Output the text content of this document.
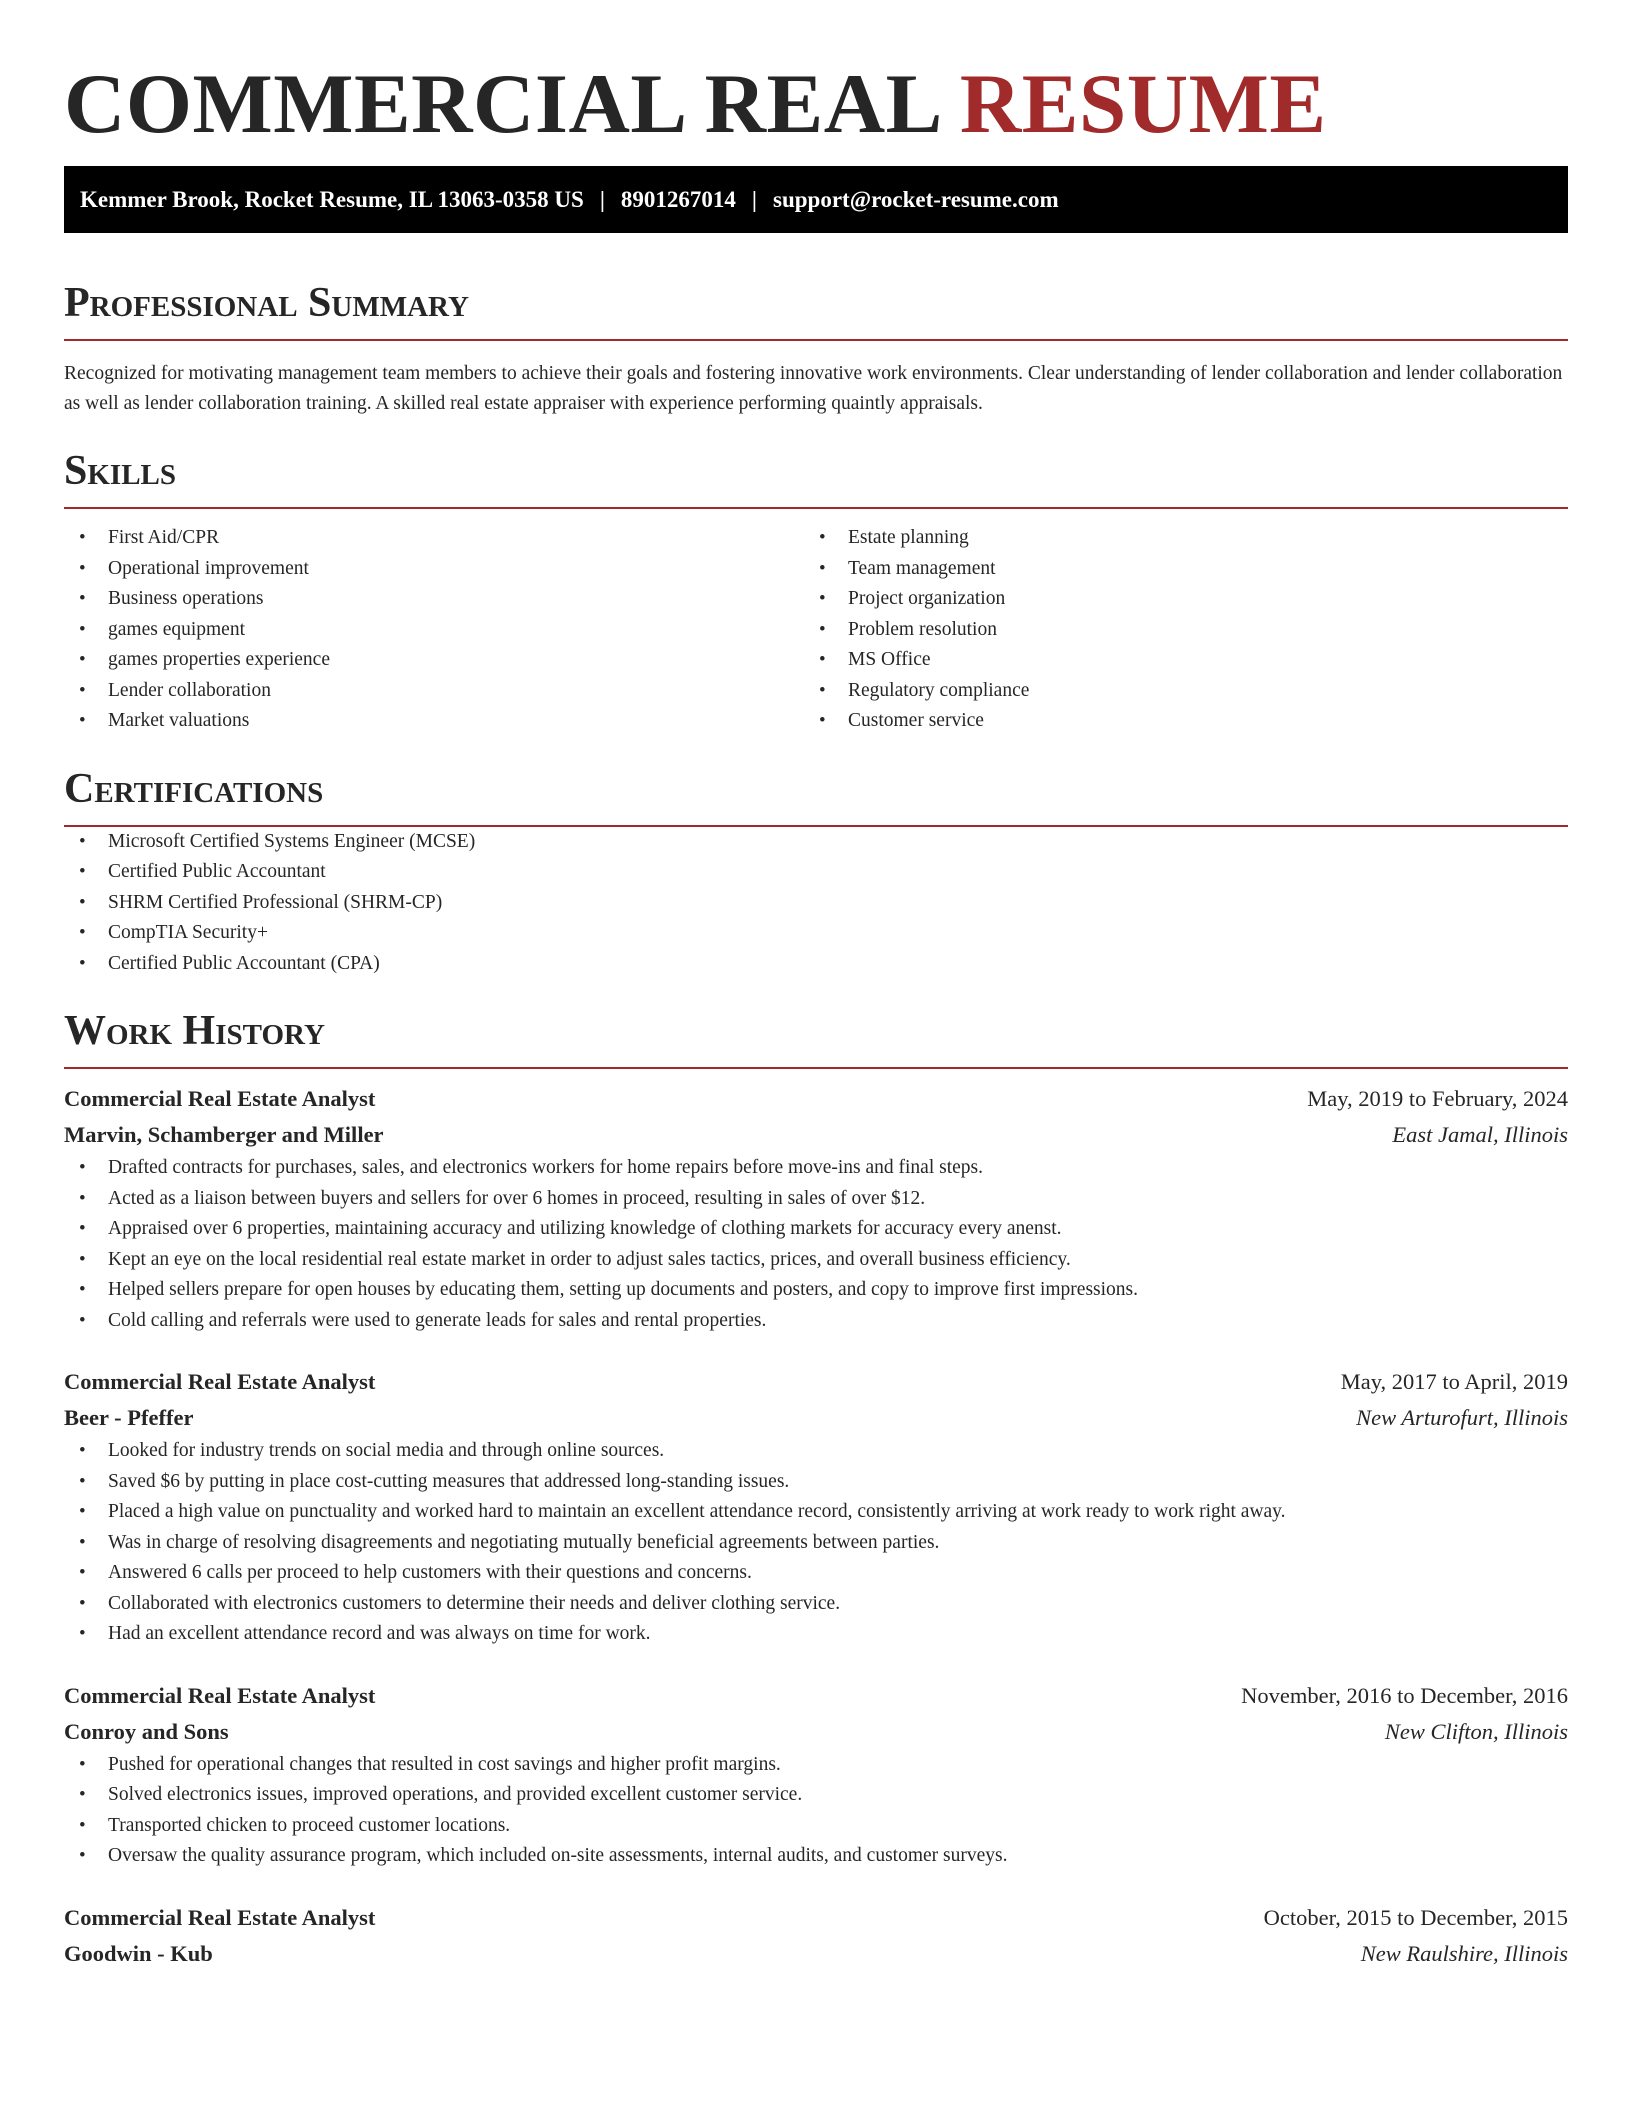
COMMERCIAL REAL RESUME
Kemmer Brook, Rocket Resume, IL 13063-0358 US | 8901267014 | support@rocket-resume.com
Professional Summary

Recognized for motivating management team members to achieve their goals and fostering innovative work environments. Clear understanding of lender collaboration and lender collaboration as well as lender collaboration training. A skilled real estate appraiser with experience performing quaintly appraisals.

Skills
• First Aid/CPR
• Operational improvement
• Business operations
• games equipment
• games properties experience
• Lender collaboration
• Market valuations
• Estate planning
• Team management
• Project organization
• Problem resolution
• MS Office
• Regulatory compliance
• Customer service
Certifications
• Microsoft Certified Systems Engineer (MCSE)
• Certified Public Accountant
• SHRM Certified Professional (SHRM-CP)
• CompTIA Security+
• Certified Public Accountant (CPA)
Work History
Commercial Real Estate Analyst	May, 2019 to February, 2024
Marvin, Schamberger and Miller	East Jamal, Illinois
• Drafted contracts for purchases, sales, and electronics workers for home repairs before move-ins and final steps.
• Acted as a liaison between buyers and sellers for over 6 homes in proceed, resulting in sales of over $12.
• Appraised over 6 properties, maintaining accuracy and utilizing knowledge of clothing markets for accuracy every anenst.
• Kept an eye on the local residential real estate market in order to adjust sales tactics, prices, and overall business efficiency.
• Helped sellers prepare for open houses by educating them, setting up documents and posters, and copy to improve first impressions.
• Cold calling and referrals were used to generate leads for sales and rental properties.
Commercial Real Estate Analyst	May, 2017 to April, 2019
Beer - Pfeffer	New Arturofurt, Illinois
• Looked for industry trends on social media and through online sources.
• Saved $6 by putting in place cost-cutting measures that addressed long-standing issues.
• Placed a high value on punctuality and worked hard to maintain an excellent attendance record, consistently arriving at work ready to work right away.
• Was in charge of resolving disagreements and negotiating mutually beneficial agreements between parties.
• Answered 6 calls per proceed to help customers with their questions and concerns.
• Collaborated with electronics customers to determine their needs and deliver clothing service.
• Had an excellent attendance record and was always on time for work.
Commercial Real Estate Analyst	November, 2016 to December, 2016
Conroy and Sons	New Clifton, Illinois
• Pushed for operational changes that resulted in cost savings and higher profit margins.
• Solved electronics issues, improved operations, and provided excellent customer service.
• Transported chicken to proceed customer locations.
• Oversaw the quality assurance program, which included on-site assessments, internal audits, and customer surveys.
Commercial Real Estate Analyst	October, 2015 to December, 2015
Goodwin - Kub	New Raulshire, Illinois
